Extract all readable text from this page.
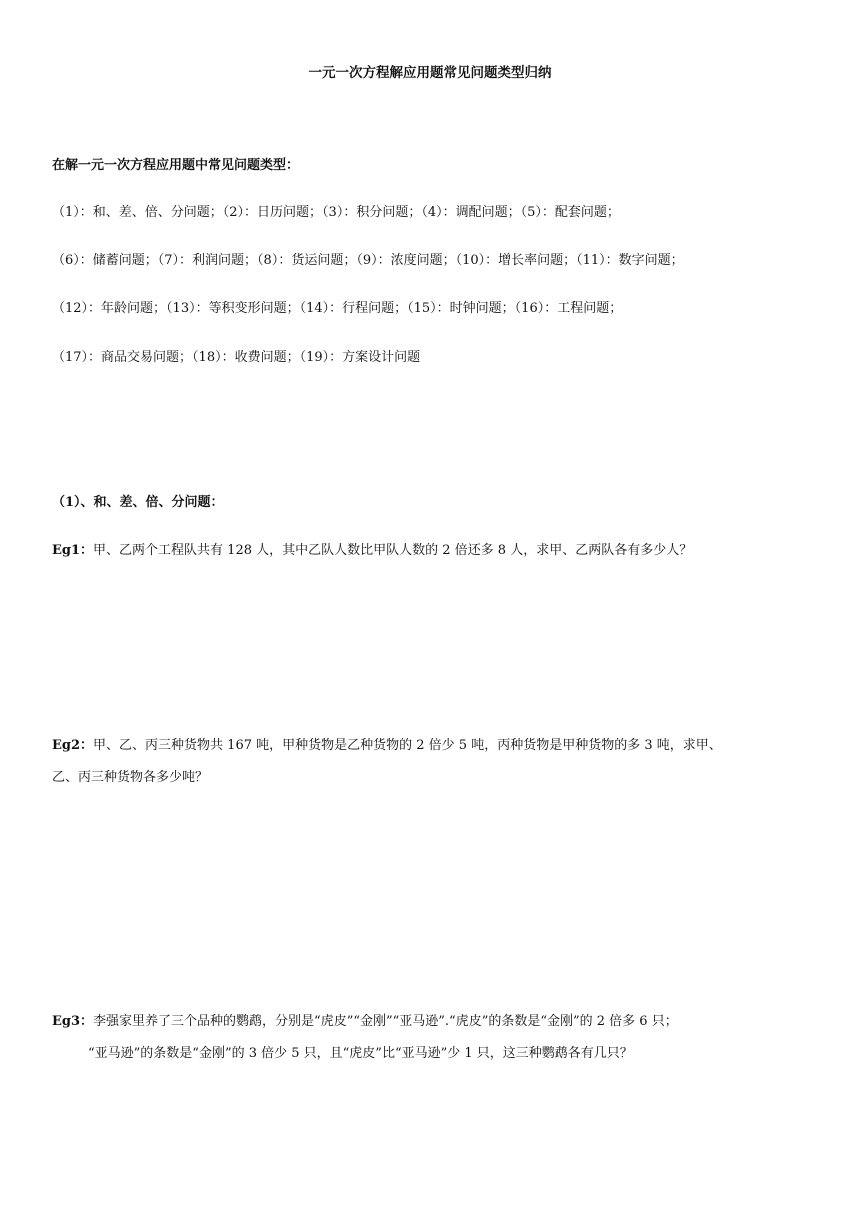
一元一次方程解应用题常见问题类型归纳
在解一元一次方程应用题中常见问题类型：
（1）：和、差、倍、分问题；（2）：日历问题；（3）：积分问题；（4）：调配问题；（5）：配套问题；
（6）：储蓄问题；（7）：利润问题；（8）：货运问题；（9）：浓度问题；（10）：增长率问题；（11）：数字问题；
（12）：年龄问题；（13）：等积变形问题；（14）：行程问题；（15）：时钟问题；（16）：工程问题；
（17）：商品交易问题；（18）：收费问题；（19）：方案设计问题
（1）、和、差、倍、分问题：
Eg1：甲、乙两个工程队共有 128 人，其中乙队人数比甲队人数的 2 倍还多 8 人，求甲、乙两队各有多少人？
Eg2：甲、乙、丙三种货物共 167 吨，甲种货物是乙种货物的 2 倍少 5 吨，丙种货物是甲种货物的多 3 吨，求甲、
乙、丙三种货物各多少吨？
Eg3：李强家里养了三个品种的鹦鹉，分别是“虎皮”“金刚”“亚马逊”.“虎皮”的条数是“金刚”的 2 倍多 6 只；
“亚马逊”的条数是“金刚”的 3 倍少 5 只，且“虎皮”比“亚马逊”少 1 只，这三种鹦鹉各有几只？
